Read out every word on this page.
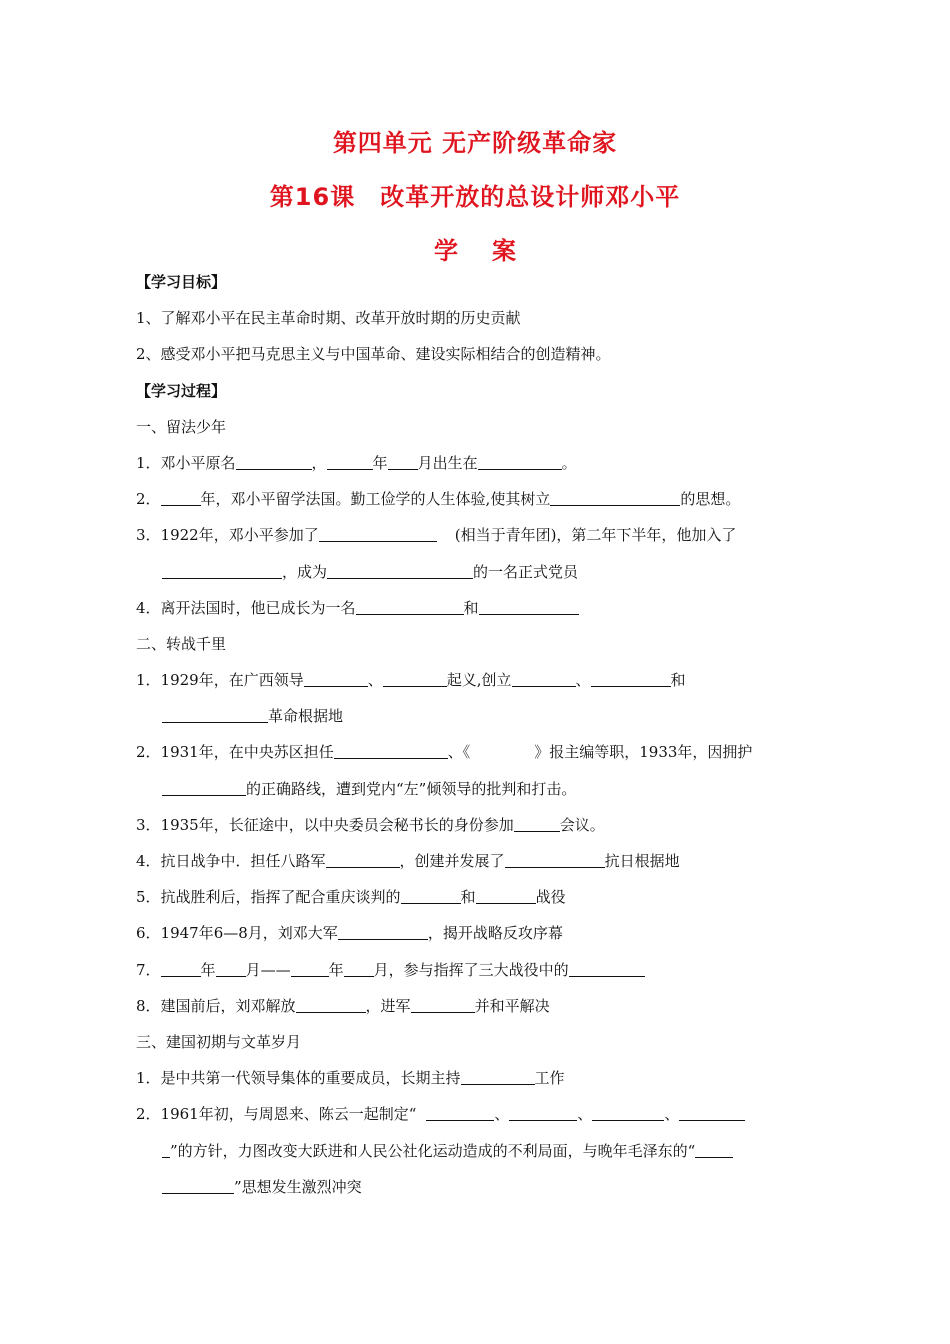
第四单元 无产阶级革命家
第16课　改革开放的总设计师邓小平
学案
【学习目标】
1、了解邓小平在民主革命时期、改革开放时期的历史贡献
2、感受邓小平把马克思主义与中国革命、建设实际相结合的创造精神。
【学习过程】
一、留法少年
1．邓小平原名	，	年 月出生在	。
2．	年，邓小平留学法国。勤工俭学的人生体验,使其树立	的思想。
3．1922年，邓小平参加了	(相当于青年团)，第二年下半年，他加入了
，成为	的一名正式党员
4．离开法国时，他已成长为一名	和
二、转战千里
1．1929年，在广西领导	、	起义,创立	、	和
革命根据地
2．1931年，在中央苏区担任	、《	》报主编等职，1933年，因拥护
的正确路线，遭到党内“左”倾领导的批判和打击。
3．1935年，长征途中，以中央委员会秘书长的身份参加	会议。
4．抗日战争中．担任八路军	，创建并发展了	抗日根据地
5．抗战胜利后，指挥了配合重庆谈判的	和	战役
6．1947年6—8月，刘邓大军	，揭开战略反攻序幕
7．	年 月——	年 月，参与指挥了三大战役中的
8．建国前后，刘邓解放	，进军	并和平解决
三、建国初期与文革岁月
1．是中共第一代领导集体的重要成员，长期主持	工作
2．1961年初，与周恩来、陈云一起制定“	、	、	、
”的方针，力图改变大跃进和人民公社化运动造成的不利局面，与晚年毛泽东的“
”思想发生激烈冲突
